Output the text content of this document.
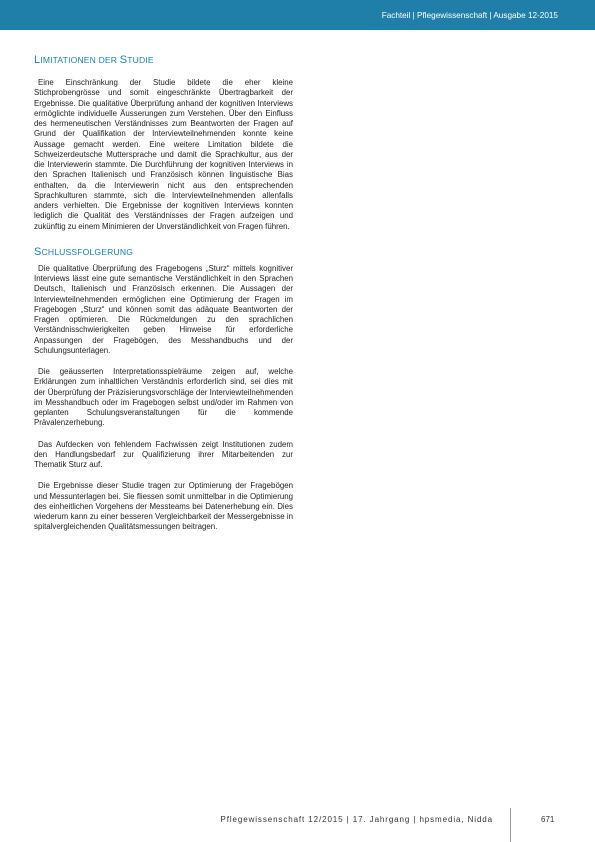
Fachteil | Pflegewissenschaft | Ausgabe 12-2015
LIMITATIONEN DER STUDIE

Eine Einschränkung der Studie bildete die eher kleine Stichprobengrösse und somit eingeschränkte Übertragbarkeit der Ergebnisse. Die qualitative Überprüfung anhand der kognitiven Interviews ermöglichte individuelle Äusserungen zum Verstehen. Über den Einfluss des hermeneutischen Verständnisses zum Beantworten der Fragen auf Grund der Qualifikation der Interviewteilnehmenden konnte keine Aussage gemacht werden. Eine weitere Limitation bildete die Schweizerdeutsche Muttersprache und damit die Sprachkultur, aus der die Interviewerin stammte. Die Durchführung der kognitiven Interviews in den Sprachen Italienisch und Französisch können linguistische Bias enthalten, da die Interviewerin nicht aus den entsprechenden Sprachkulturen stammte, sich die Interviewteilnehmenden allenfalls anders verhielten. Die Ergebnisse der kognitiven Interviews konnten lediglich die Qualität des Verständnisses der Fragen aufzeigen und zukünftig zu einem Minimieren der Unverständlichkeit von Fragen führen.

SCHLUSSFOLGERUNG

Die qualitative Überprüfung des Fragebogens „Sturz“ mittels kognitiver Interviews lässt eine gute semantische Verständlichkeit in den Sprachen Deutsch, Italienisch und Französisch erkennen. Die Aussagen der Interviewteilnehmenden ermöglichen eine Optimierung der Fragen im Fragebogen „Sturz“ und können somit das adäquate Beantworten der Fragen optimieren. Die Rückmeldungen zu den sprachlichen Verständnisschwierigkeiten geben Hinweise für erforderliche Anpassungen der Fragebögen, des Messhandbuchs und der Schulungsunterlagen.

Die geäusserten Interpretationsspielräume zeigen auf, welche Erklärungen zum inhaltlichen Verständnis erforderlich sind, sei dies mit der Überprüfung der Präzisierungsvorschläge der Interviewteilnehmenden im Messhandbuch oder im Fragebogen selbst und/oder im Rahmen von geplanten Schulungsveranstaltungen für die kommende Prävalenzerhebung.

Das Aufdecken von fehlendem Fachwissen zeigt Institutionen zudem den Handlungsbedarf zur Qualifizierung ihrer Mitarbeitenden zur Thematik Sturz auf.

Die Ergebnisse dieser Studie tragen zur Optimierung der Fragebögen und Messunterlagen bei. Sie fliessen somit unmittelbar in die Optimierung des einheitlichen Vorgehens der Messteams bei Datenerhebung ein. Dies wiederum kann zu einer besseren Vergleichbarkeit der Messergebnisse in spitalvergleichenden Qualitätsmessungen beitragen.

Pflegewissenschaft 12/2015 | 17. Jahrgang | hpsmedia, Nidda	671
